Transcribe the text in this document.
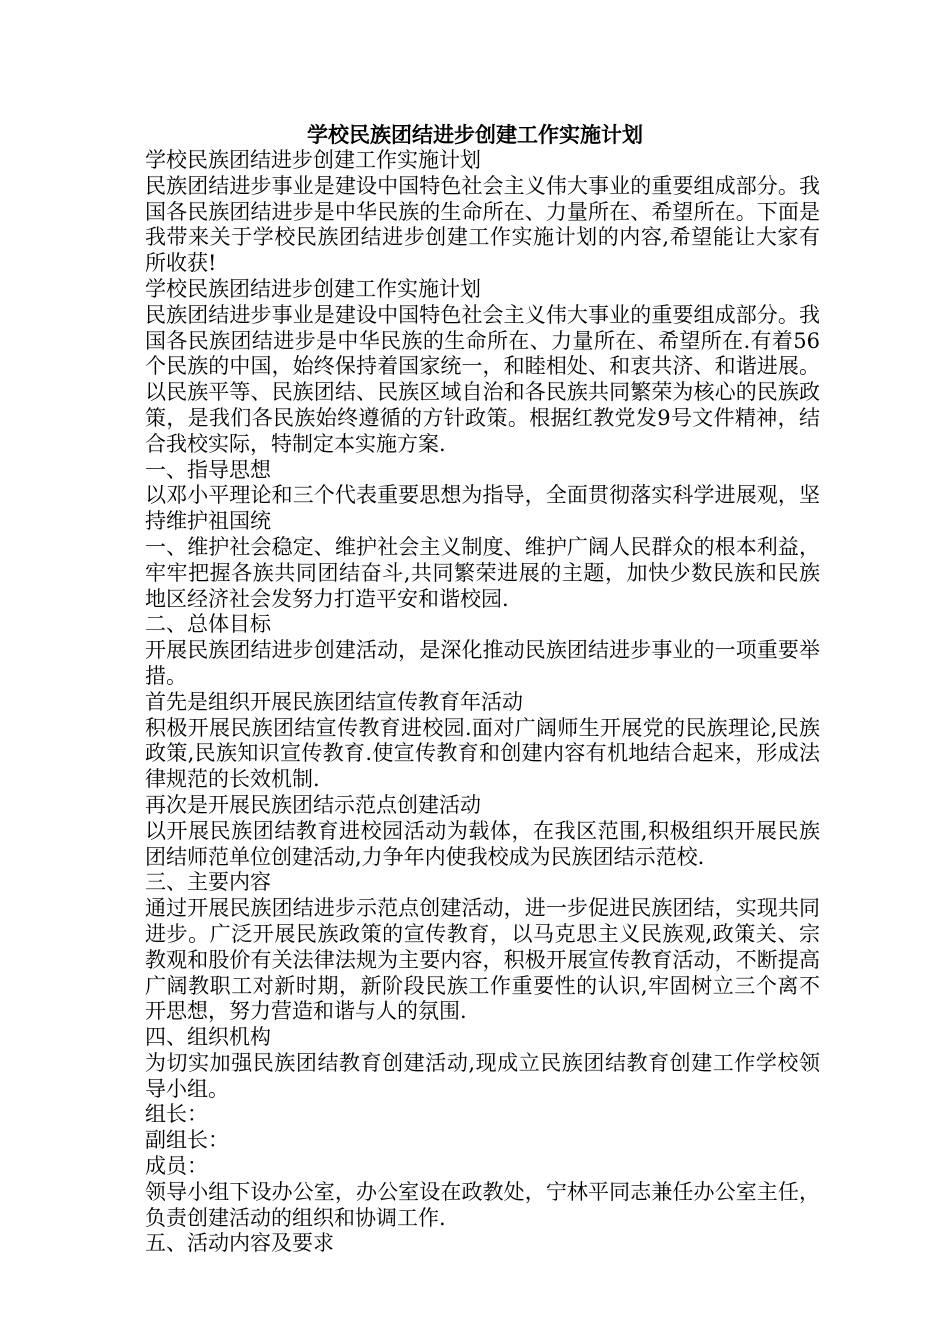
学校民族团结进步创建工作实施计划

学校民族团结进步创建工作实施计划

民族团结进步事业是建设中国特色社会主义伟大事业的重要组成部分。我国各民族团结进步是中华民族的生命所在、力量所在、希望所在。下面是我带来关于学校民族团结进步创建工作实施计划的内容,希望能让大家有所收获!

学校民族团结进步创建工作实施计划

民族团结进步事业是建设中国特色社会主义伟大事业的重要组成部分。我国各民族团结进步是中华民族的生命所在、力量所在、希望所在.有着56个民族的中国，始终保持着国家统一，和睦相处、和衷共济、和谐进展。以民族平等、民族团结、民族区域自治和各民族共同繁荣为核心的民族政策，是我们各民族始终遵循的方针政策。根据红教党发9号文件精神，结合我校实际，特制定本实施方案.

一、指导思想

以邓小平理论和三个代表重要思想为指导，全面贯彻落实科学进展观，坚持维护祖国统

一、维护社会稳定、维护社会主义制度、维护广阔人民群众的根本利益，牢牢把握各族共同团结奋斗,共同繁荣进展的主题，加快少数民族和民族地区经济社会发努力打造平安和谐校园.

二、总体目标

开展民族团结进步创建活动，是深化推动民族团结进步事业的一项重要举措。

首先是组织开展民族团结宣传教育年活动

积极开展民族团结宣传教育进校园.面对广阔师生开展党的民族理论,民族政策,民族知识宣传教育.使宣传教育和创建内容有机地结合起来，形成法律规范的长效机制.

再次是开展民族团结示范点创建活动

以开展民族团结教育进校园活动为载体，在我区范围,积极组织开展民族团结师范单位创建活动,力争年内使我校成为民族团结示范校.

三、主要内容

通过开展民族团结进步示范点创建活动，进一步促进民族团结，实现共同进步。广泛开展民族政策的宣传教育，以马克思主义民族观,政策关、宗教观和股价有关法律法规为主要内容，积极开展宣传教育活动，不断提高广阔教职工对新时期，新阶段民族工作重要性的认识,牢固树立三个离不开思想，努力营造和谐与人的氛围.

四、组织机构

为切实加强民族团结教育创建活动,现成立民族团结教育创建工作学校领导小组。

组长：

副组长：

成员：

领导小组下设办公室，办公室设在政教处，宁林平同志兼任办公室主任，负责创建活动的组织和协调工作.

五、活动内容及要求
